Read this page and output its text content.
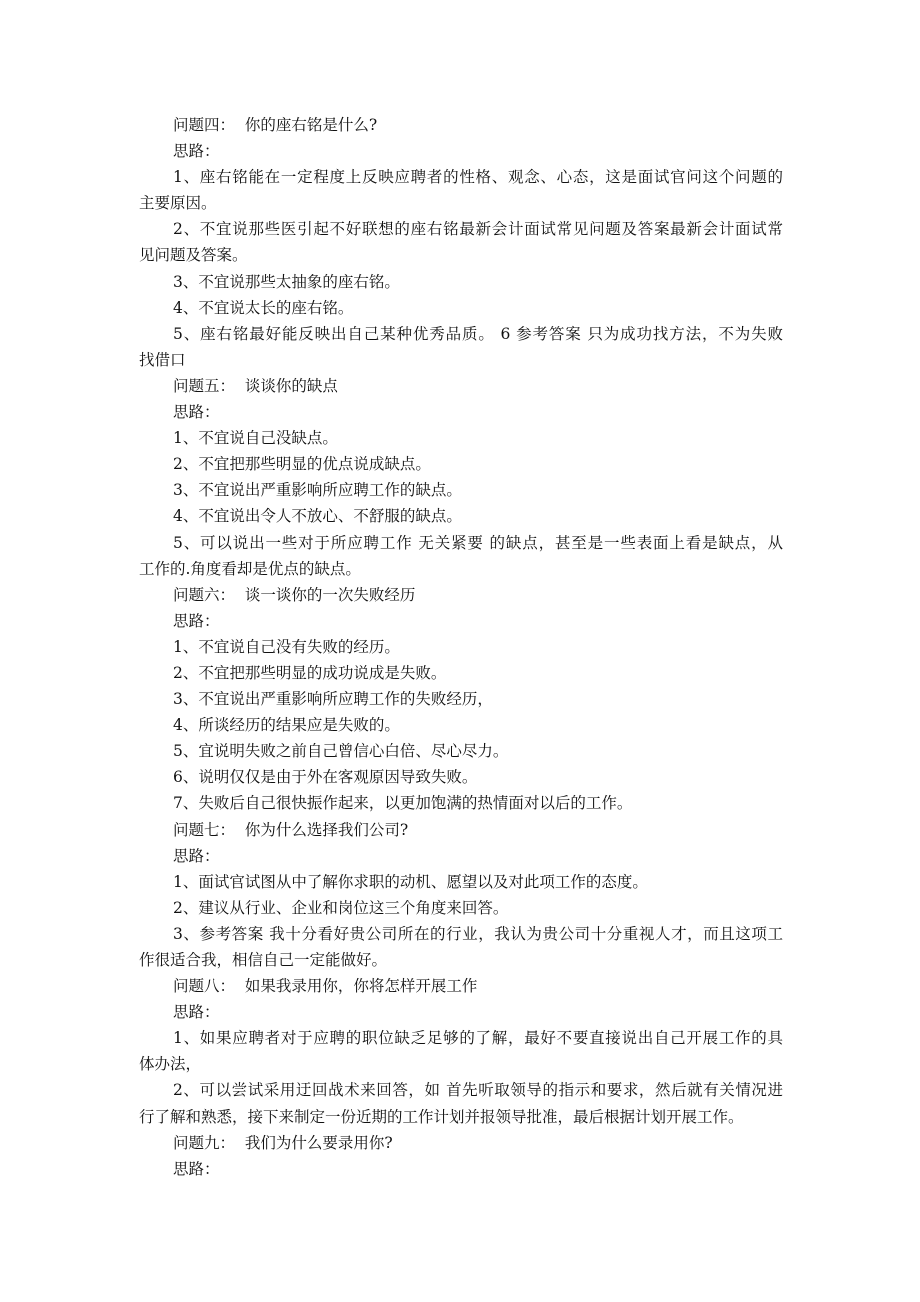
问题四：  你的座右铭是什么?
思路：
1、座右铭能在一定程度上反映应聘者的性格、观念、心态，这是面试官问这个问题的
主要原因。
2、不宜说那些医引起不好联想的座右铭最新会计面试常见问题及答案最新会计面试常
见问题及答案。
3、不宜说那些太抽象的座右铭。
4、不宜说太长的座右铭。
5、座右铭最好能反映出自己某种优秀品质。 6 参考答案 只为成功找方法，不为失败
找借口
问题五：  谈谈你的缺点
思路：
1、不宜说自己没缺点。
2、不宜把那些明显的优点说成缺点。
3、不宜说出严重影响所应聘工作的缺点。
4、不宜说出令人不放心、不舒服的缺点。
5、可以说出一些对于所应聘工作 无关紧要 的缺点，甚至是一些表面上看是缺点，从
工作的.角度看却是优点的缺点。
问题六：  谈一谈你的一次失败经历
思路：
1、不宜说自己没有失败的经历。
2、不宜把那些明显的成功说成是失败。
3、不宜说出严重影响所应聘工作的失败经历，
4、所谈经历的结果应是失败的。
5、宜说明失败之前自己曾信心白倍、尽心尽力。
6、说明仅仅是由于外在客观原因导致失败。
7、失败后自己很快振作起来，以更加饱满的热情面对以后的工作。
问题七：  你为什么选择我们公司?
思路：
1、面试官试图从中了解你求职的动机、愿望以及对此项工作的态度。
2、建议从行业、企业和岗位这三个角度来回答。
3、参考答案 我十分看好贵公司所在的行业，我认为贵公司十分重视人才，而且这项工
作很适合我，相信自己一定能做好。
问题八：  如果我录用你，你将怎样开展工作
思路：
1、如果应聘者对于应聘的职位缺乏足够的了解，最好不要直接说出自己开展工作的具
体办法，
2、可以尝试采用迂回战术来回答，如 首先听取领导的指示和要求，然后就有关情况进
行了解和熟悉，接下来制定一份近期的工作计划并报领导批准，最后根据计划开展工作。
问题九：  我们为什么要录用你?
思路：
